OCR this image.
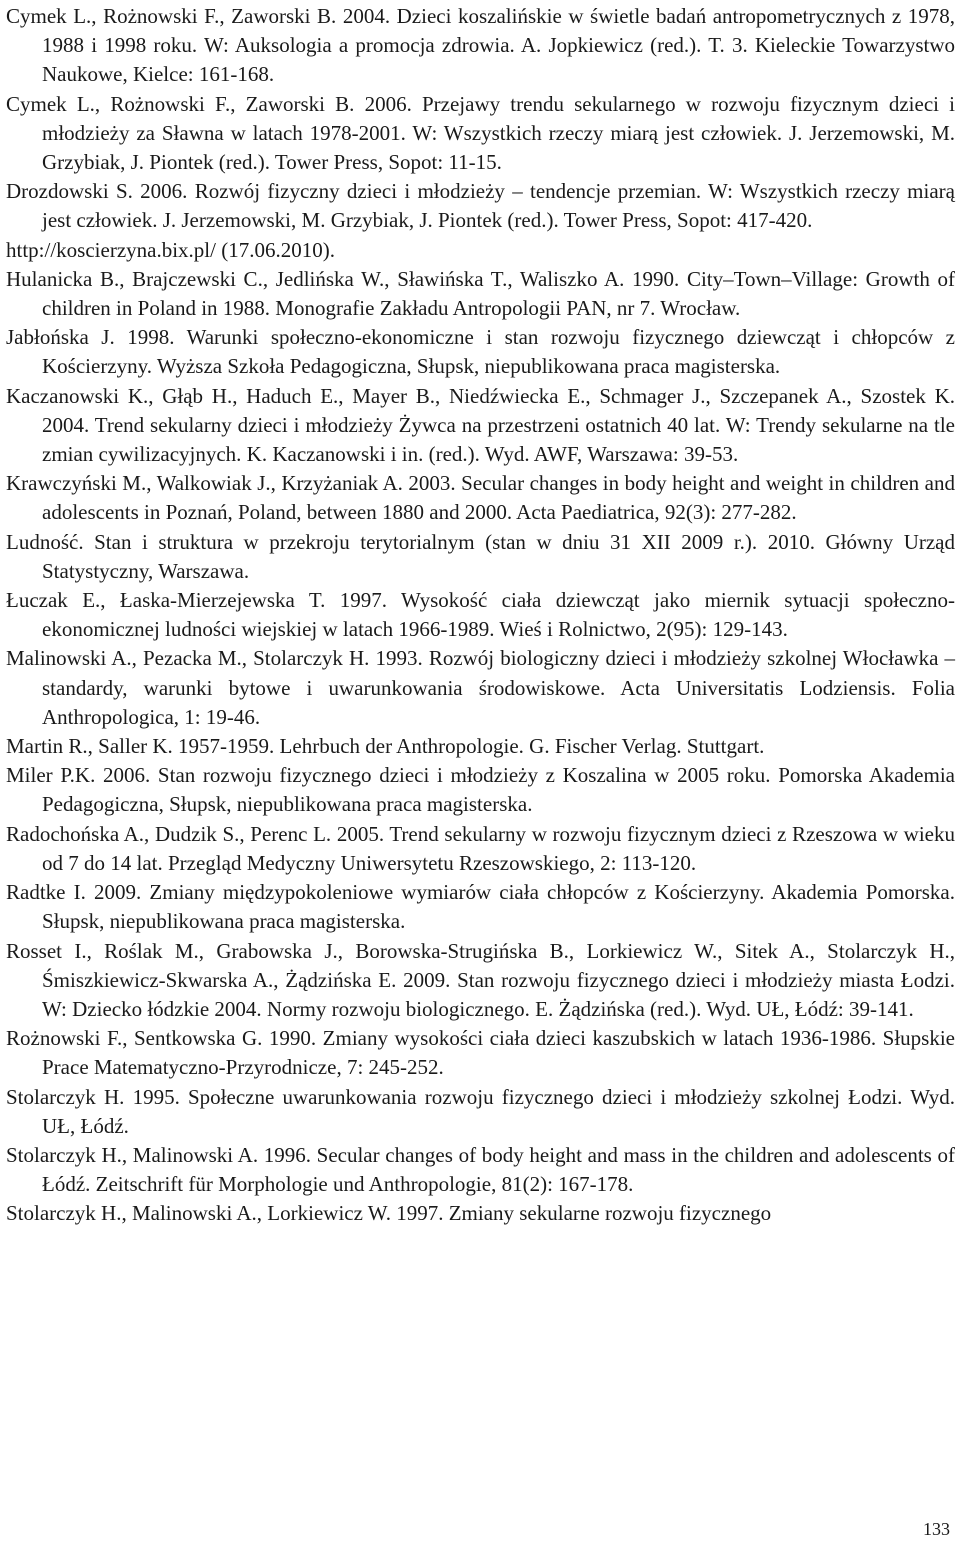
Cymek L., Rożnowski F., Zaworski B. 2004. Dzieci koszalińskie w świetle badań antropometrycznych z 1978, 1988 i 1998 roku. W: Auksologia a promocja zdrowia. A. Jopkiewicz (red.). T. 3. Kieleckie Towarzystwo Naukowe, Kielce: 161-168.
Cymek L., Rożnowski F., Zaworski B. 2006. Przejawy trendu sekularnego w rozwoju fizycznym dzieci i młodzieży za Sławna w latach 1978-2001. W: Wszystkich rzeczy miarą jest człowiek. J. Jerzemowski, M. Grzybiak, J. Piontek (red.). Tower Press, Sopot: 11-15.
Drozdowski S. 2006. Rozwój fizyczny dzieci i młodzieży – tendencje przemian. W: Wszystkich rzeczy miarą jest człowiek. J. Jerzemowski, M. Grzybiak, J. Piontek (red.). Tower Press, Sopot: 417-420.
http://koscierzyna.bix.pl/ (17.06.2010).
Hulanicka B., Brajczewski C., Jedlińska W., Sławińska T., Waliszko A. 1990. City–Town–Village: Growth of children in Poland in 1988. Monografie Zakładu Antropologii PAN, nr 7. Wrocław.
Jabłońska J. 1998. Warunki społeczno-ekonomiczne i stan rozwoju fizycznego dziewcząt i chłopców z Kościerzyny. Wyższa Szkoła Pedagogiczna, Słupsk, niepublikowana praca magisterska.
Kaczanowski K., Głąb H., Haduch E., Mayer B., Niedźwiecka E., Schmager J., Szczepanek A., Szostek K. 2004. Trend sekularny dzieci i młodzieży Żywca na przestrzeni ostatnich 40 lat. W: Trendy sekularne na tle zmian cywilizacyjnych. K. Kaczanowski i in. (red.). Wyd. AWF, Warszawa: 39-53.
Krawczyński M., Walkowiak J., Krzyżaniak A. 2003. Secular changes in body height and weight in children and adolescents in Poznań, Poland, between 1880 and 2000. Acta Paediatrica, 92(3): 277-282.
Ludność. Stan i struktura w przekroju terytorialnym (stan w dniu 31 XII 2009 r.). 2010. Główny Urząd Statystyczny, Warszawa.
Łuczak E., Łaska-Mierzejewska T. 1997. Wysokość ciała dziewcząt jako miernik sytuacji społeczno-ekonomicznej ludności wiejskiej w latach 1966-1989. Wieś i Rolnictwo, 2(95): 129-143.
Malinowski A., Pezacka M., Stolarczyk H. 1993. Rozwój biologiczny dzieci i młodzieży szkolnej Włocławka – standardy, warunki bytowe i uwarunkowania środowiskowe. Acta Universitatis Lodziensis. Folia Anthropologica, 1: 19-46.
Martin R., Saller K. 1957-1959. Lehrbuch der Anthropologie. G. Fischer Verlag. Stuttgart.
Miler P.K. 2006. Stan rozwoju fizycznego dzieci i młodzieży z Koszalina w 2005 roku. Pomorska Akademia Pedagogiczna, Słupsk, niepublikowana praca magisterska.
Radochońska A., Dudzik S., Perenc L. 2005. Trend sekularny w rozwoju fizycznym dzieci z Rzeszowa w wieku od 7 do 14 lat. Przegląd Medyczny Uniwersytetu Rzeszowskiego, 2: 113-120.
Radtke I. 2009. Zmiany międzypokoleniowe wymiarów ciała chłopców z Kościerzyny. Akademia Pomorska. Słupsk, niepublikowana praca magisterska.
Rosset I., Roślak M., Grabowska J., Borowska-Strugińska B., Lorkiewicz W., Sitek A., Stolarczyk H., Śmiszkiewicz-Skwarska A., Żądzińska E. 2009. Stan rozwoju fizycznego dzieci i młodzieży miasta Łodzi. W: Dziecko łódzkie 2004. Normy rozwoju biologicznego. E. Żądzińska (red.). Wyd. UŁ, Łódź: 39-141.
Rożnowski F., Sentkowska G. 1990. Zmiany wysokości ciała dzieci kaszubskich w latach 1936-1986. Słupskie Prace Matematyczno-Przyrodnicze, 7: 245-252.
Stolarczyk H. 1995. Społeczne uwarunkowania rozwoju fizycznego dzieci i młodzieży szkolnej Łodzi. Wyd. UŁ, Łódź.
Stolarczyk H., Malinowski A. 1996. Secular changes of body height and mass in the children and adolescents of Łódź. Zeitschrift für Morphologie und Anthropologie, 81(2): 167-178.
Stolarczyk H., Malinowski A., Lorkiewicz W. 1997. Zmiany sekularne rozwoju fizycznego
133
